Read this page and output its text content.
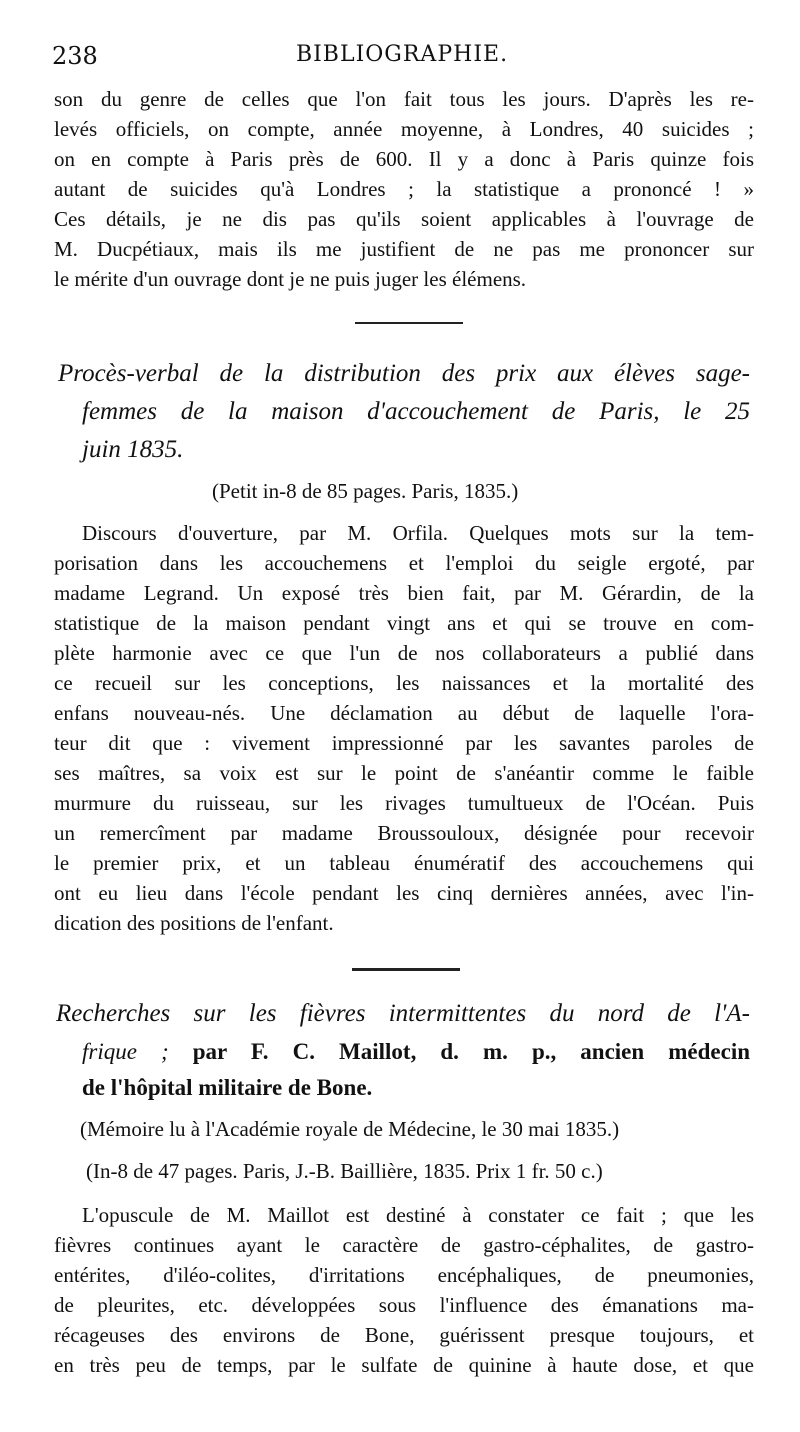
238	BIBLIOGRAPHIE.
son du genre de celles que l'on fait tous les jours. D'après les re-
levés officiels, on compte, année moyenne, à Londres, 40 suicides ;
on en compte à Paris près de 600. Il y a donc à Paris quinze fois
autant de suicides qu'à Londres ; la statistique a prononcé ! »
Ces détails, je ne dis pas qu'ils soient applicables à l'ouvrage de
M. Ducpétiaux, mais ils me justifient de ne pas me prononcer sur
le mérite d'un ouvrage dont je ne puis juger les élémens.
Procès-verbal de la distribution des prix aux élèves sage-
femmes de la maison d'accouchement de Paris, le 25
juin 1835.
(Petit in-8 de 85 pages. Paris, 1835.)
Discours d'ouverture, par M. Orfila. Quelques mots sur la tem-
porisation dans les accouchemens et l'emploi du seigle ergoté, par
madame Legrand. Un exposé très bien fait, par M. Gérardin, de la
statistique de la maison pendant vingt ans et qui se trouve en com-
plète harmonie avec ce que l'un de nos collaborateurs a publié dans
ce recueil sur les conceptions, les naissances et la mortalité des
enfans nouveau-nés. Une déclamation au début de laquelle l'ora-
teur dit que : vivement impressionné par les savantes paroles de
ses maîtres, sa voix est sur le point de s'anéantir comme le faible
murmure du ruisseau, sur les rivages tumultueux de l'Océan. Puis
un remercîment par madame Broussouloux, désignée pour recevoir
le premier prix, et un tableau énumératif des accouchemens qui
ont eu lieu dans l'école pendant les cinq dernières années, avec l'in-
dication des positions de l'enfant.
Recherches sur les fièvres intermittentes du nord de l'A-
frique ; par F. C. Maillot, d. m. p., ancien médecin
de l'hôpital militaire de Bone.
(Mémoire lu à l'Académie royale de Médecine, le 30 mai 1835.)
(In-8 de 47 pages. Paris, J.-B. Baillière, 1835. Prix 1 fr. 50 c.)
L'opuscule de M. Maillot est destiné à constater ce fait ; que les
fièvres continues ayant le caractère de gastro-céphalites, de gastro-
entérites, d'iléo-colites, d'irritations encéphaliques, de pneumonies,
de pleurites, etc. développées sous l'influence des émanations ma-
récageuses des environs de Bone, guérissent presque toujours, et
en très peu de temps, par le sulfate de quinine à haute dose, et que
